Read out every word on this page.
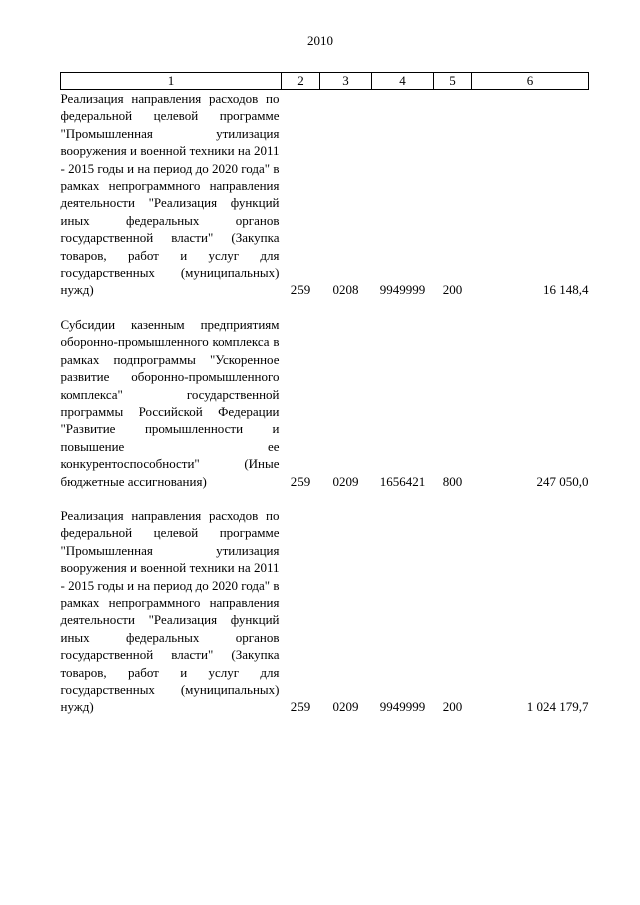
2010
1	2	3	4	5	6
Реализация направления расходов по федеральной целевой программе "Промышленная утилизация вооружения и военной техники на 2011 - 2015 годы и на период до 2020 года" в рамках непрограммного направления деятельности "Реализация функций иных федеральных органов государственной власти" (Закупка товаров, работ и услуг для государственных (муниципальных) нужд)	259	0208	9949999	200	16 148,4

Субсидии казенным предприятиям оборонно-промышленного комплекса в рамках подпрограммы "Ускоренное развитие оборонно-промышленного комплекса" государственной программы Российской Федерации "Развитие промышленности и повышение ее конкурентоспособности" (Иные бюджетные ассигнования)	259	0209	1656421	800	247 050,0

Реализация направления расходов по федеральной целевой программе "Промышленная утилизация вооружения и военной техники на 2011 - 2015 годы и на период до 2020 года" в рамках непрограммного направления деятельности "Реализация функций иных федеральных органов государственной власти" (Закупка товаров, работ и услуг для государственных (муниципальных) нужд)	259	0209	9949999	200	1 024 179,7
